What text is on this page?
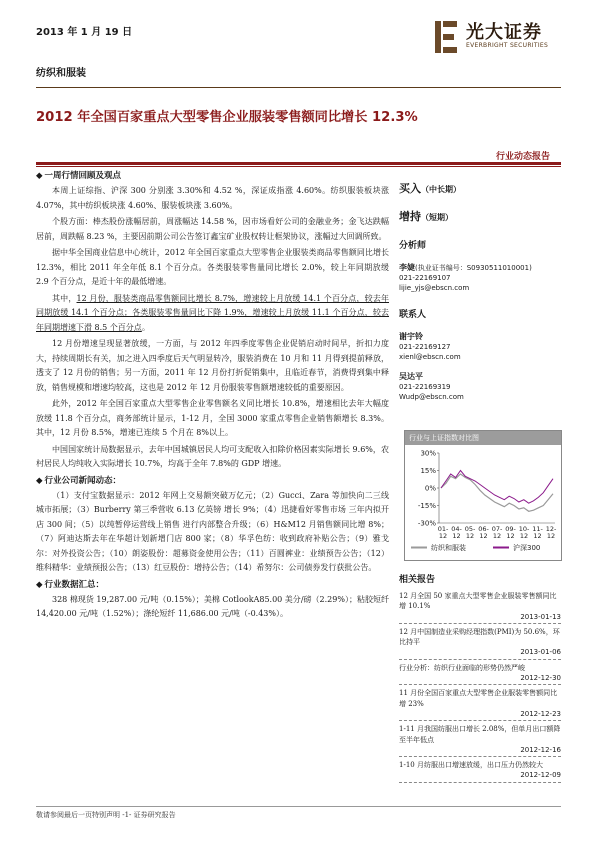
2013 年 1 月 19 日
纺织和服装
光大证券
EVERBRIGHT SECURITIES
2012 年全国百家重点大型零售企业服装零售额同比增长 12.3%
行业动态报告
◆ 一周行情回顾及观点

本周上证综指、沪深 300 分别涨 3.30%和 4.52 %，深证成指涨 4.60%。纺织服装板块涨 4.07%，其中纺织板块涨 4.60%、服装板块涨 3.60%。

个股方面：棒杰股份涨幅居前，周涨幅达 14.58 %，因市场看好公司的金融业务；金飞达跌幅居前，周跌幅 8.23 %，主要因前期公司公告签订鑫宝矿业股权转让框架协议，涨幅过大回调所致。

据中华全国商业信息中心统计，2012 年全国百家重点大型零售企业服装类商品零售额同比增长 12.3%，相比 2011 年全年低 8.1 个百分点。各类服装零售量同比增长 2.0%，较上年同期放缓 2.9 个百分点，是近十年的最低增速。

其中，12 月份，服装类商品零售额同比增长 8.7%，增速较上月放缓 14.1 个百分点，较去年同期放缓 14.1 个百分点；各类服装零售量同比下降 1.9%，增速较上月放缓 11.1 个百分点，较去年同期增速下滑 8.5 个百分点。

12 月份增速呈现显著放缓，一方面，与 2012 年四季度零售企业促销启动时间早，折扣力度大，持续周期长有关，加之进入四季度后天气明显转冷，服装消费在 10 月和 11 月得到提前释放，透支了 12 月份的销售；另一方面，2011 年 12 月份打折促销集中，且临近春节，消费得到集中释放，销售规模和增速均较高，这也是 2012 年 12 月份服装零售额增速较低的重要原因。

此外，2012 年全国百家重点大型零售企业零售额名义同比增长 10.8%，增速相比去年大幅度放缓 11.8 个百分点，商务部统计显示，1-12 月，全国 3000 家重点零售企业销售额增长 8.3%。其中，12 月份 8.5%，增速已连续 5 个月在 8%以上。

中国国家统计局数据显示，去年中国城镇居民人均可支配收入扣除价格因素实际增长 9.6%，农村居民人均纯收入实际增长 10.7%，均高于全年 7.8%的 GDP 增速。

◆ 行业公司新闻动态：

（1）支付宝数据显示：2012 年网上交易额突破万亿元；（2）Gucci、Zara 等加快向二三线城市拓展；（3）Burberry 第三季营收 6.13 亿英镑 增长 9%；（4）迅捷看好零售市场 三年内拟开店 300 间；（5）以纯暂停运营线上销售 进行内部整合升级；（6）H&M12 月销售额同比增 8%；（7）阿迪达斯去年在华超计划新增门店 800 家；（8）华孚色纺：收到政府补贴公告；（9）雅戈尔：对外投资公告；（10）朗姿股份：超募资金使用公告；（11）百圆裤业：业绩预告公告；（12）维科精华：业绩预报公告；（13）红豆股份：增持公告；（14）希努尔：公司债券发行获批公告。

◆ 行业数据汇总：

328 棉现货 19,287.00 元/吨（0.15%）；美棉 CotlookA85.00 美分/磅（2.29%）；粘胶短纤 14,420.00 元/吨（1.52%）；涤纶短纤 11,686.00 元/吨（-0.43%）。

买入（中长期）
增持（短期）
分析师
李婕(执业证书编号：S0930511010001)
021-22169107
lijie_yjs@ebscn.com
联系人
谢宇铃
021-22169127
xienl@ebscn.com
吴达平
021-22169319
Wudp@ebscn.com
行业与上证指数对比图
30%
15%
0%
-15%
-30%
01-
12
04-
12
05-
12
06-
12
07-
12
09-
12
10-
12
11-
12
12-
12
纺织和服装	沪深300
相关报告
12 月全国 50 家重点大型零售企业服装零售额同比增 10.1%
2013-01-13
12 月中国制造业采购经理指数(PMI)为 50.6%，环比持平
2013-01-06
行业分析：纺织行业面临的形势仍然严峻
2012-12-30
11 月份全国百家重点大型零售企业服装零售额同比增 23%
2012-12-23
1-11 月我国纺服出口增长 2.08%，但单月出口额降至半年低点
2012-12-16
1-10 月纺服出口增速放缓，出口压力仍然较大
2012-12-09
敬请参阅最后一页特别声明 -1- 证券研究报告
